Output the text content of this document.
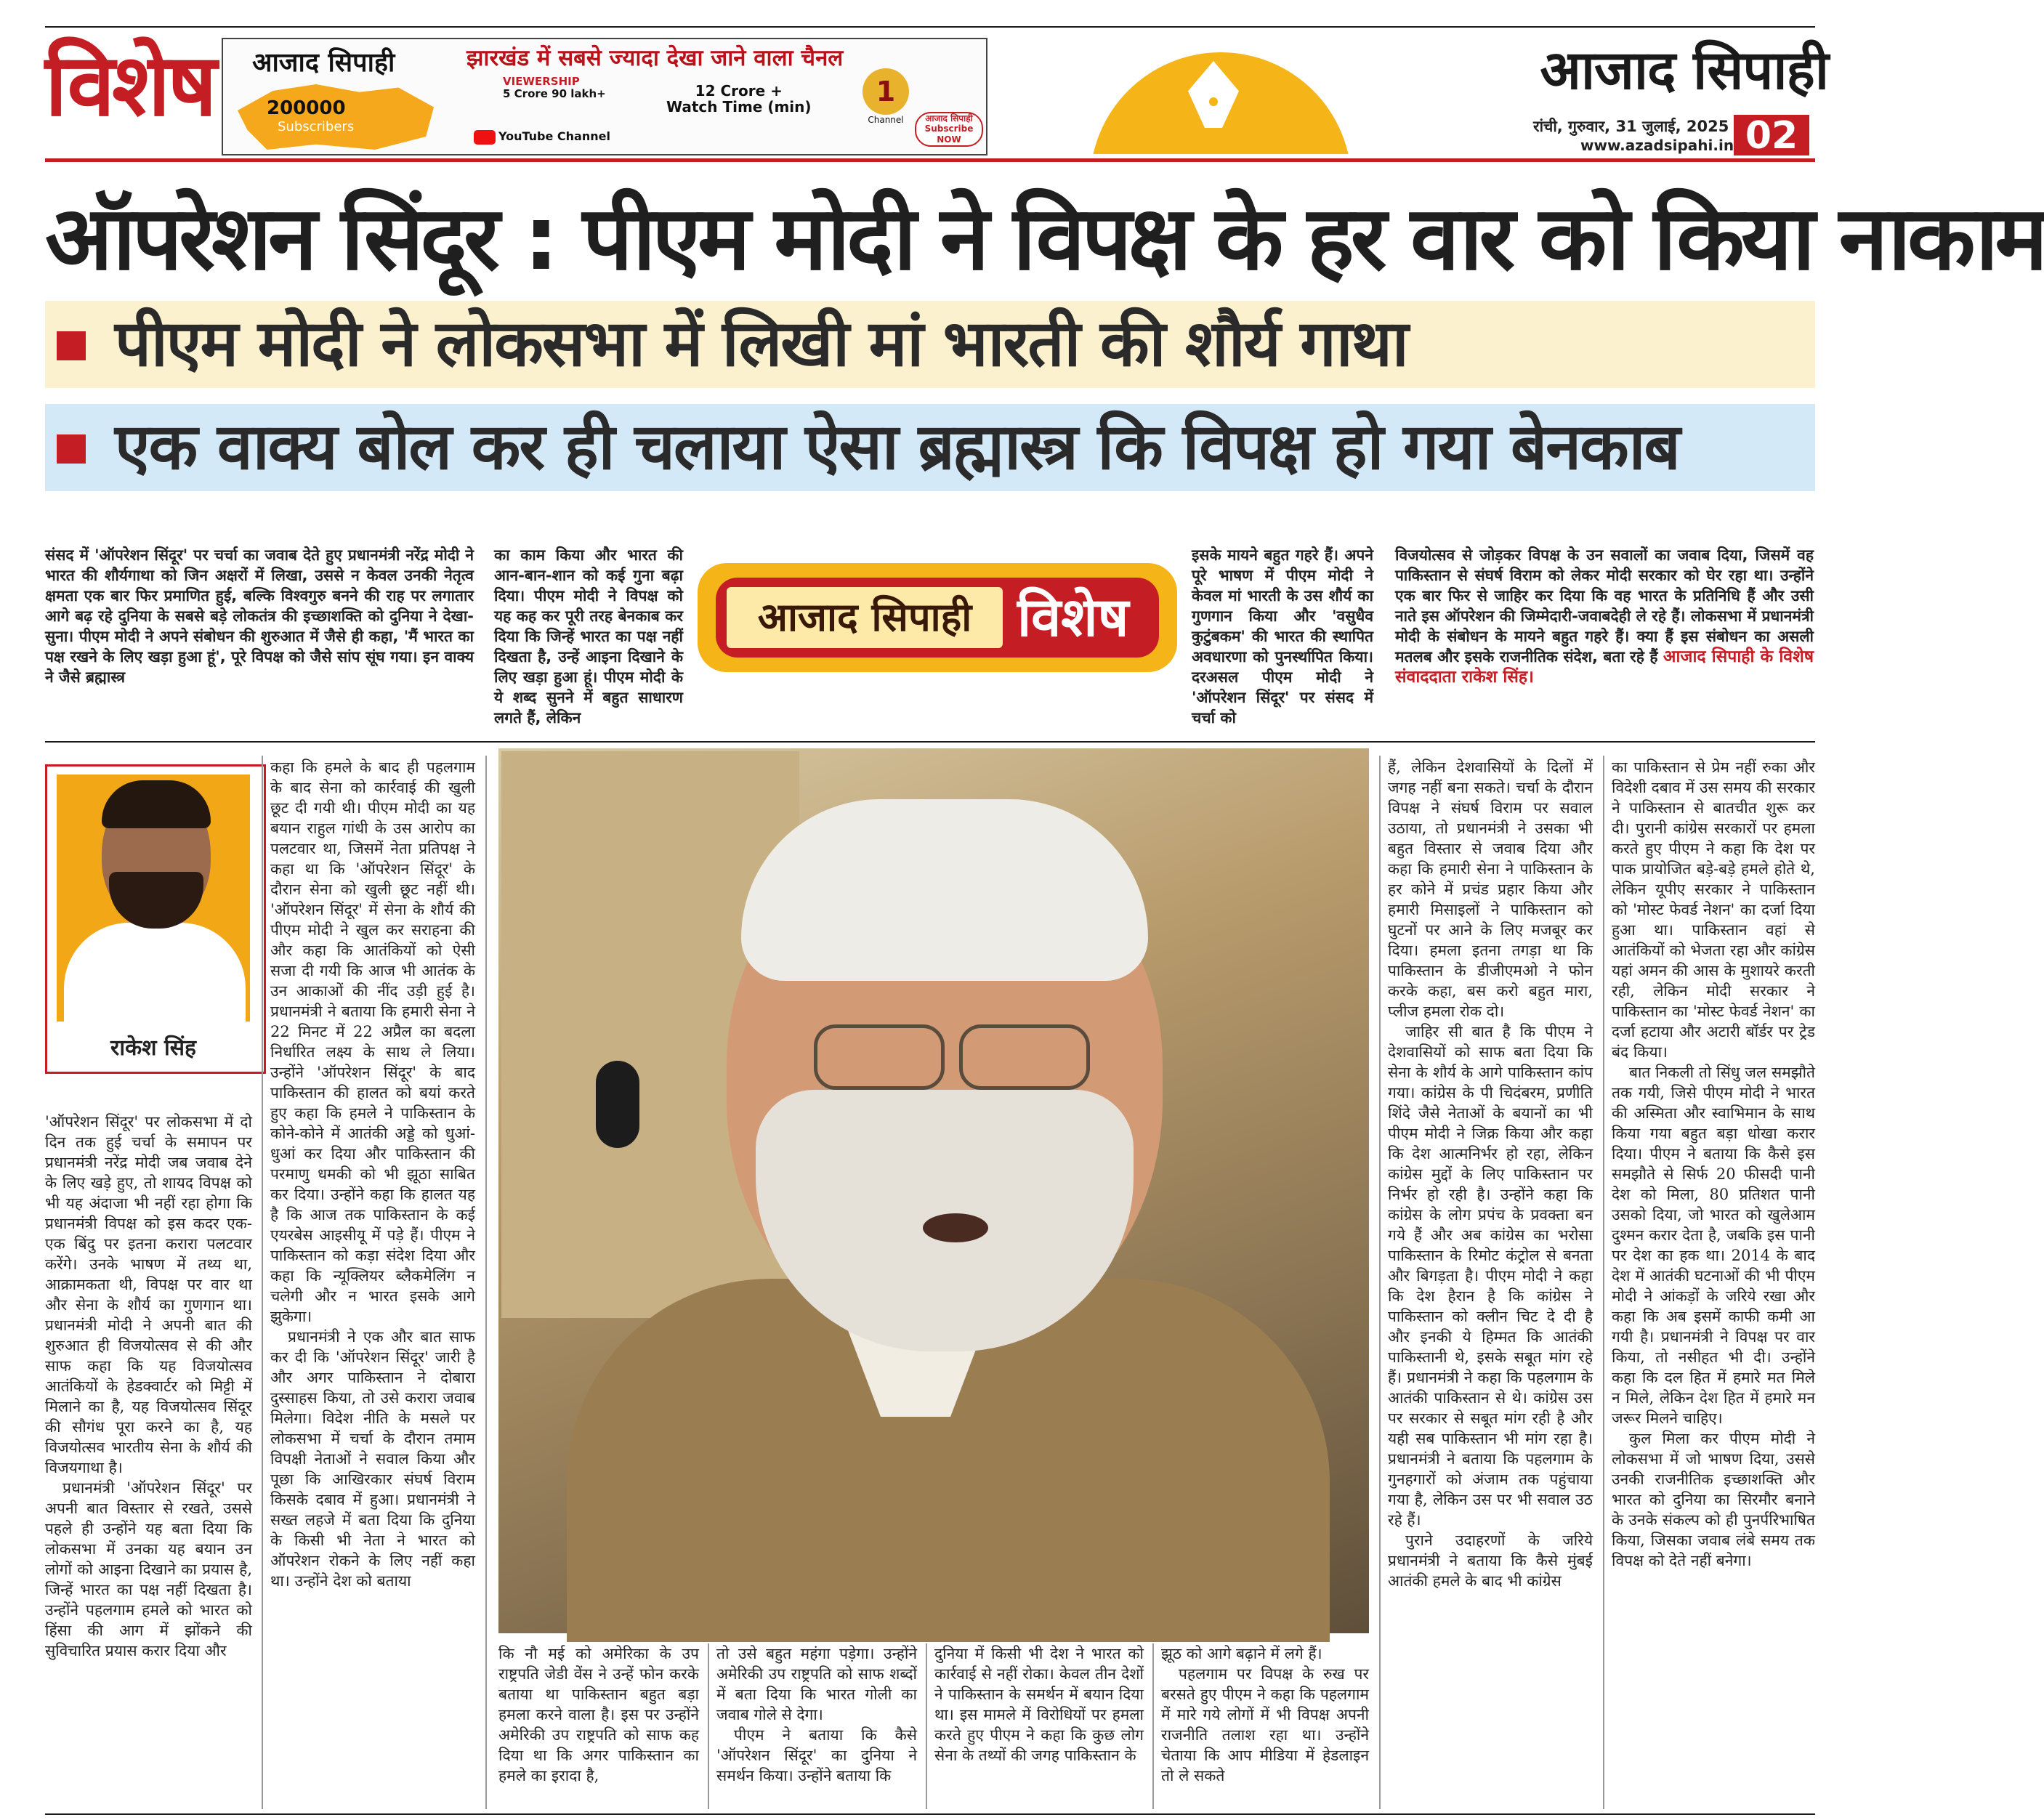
विशेष आजाद सिपाही	झारखंड में सबसे ज्यादा देखा जाने वाला चैनल
200000
Subscribers
VIEWERSHIP
5 Crore 90 lakh+	12 Crore +
Watch Time (min)
YouTube Channel
1
Channel	आजाद सिपाही Subscribe NOW
आजाद सिपाही
रांची, गुरुवार, 31 जुलाई, 2025
www.azadsipahi.in 02
ऑपरेशन सिंदूर : पीएम मोदी ने विपक्ष के हर वार को किया नाकाम
पीएम मोदी ने लोकसभा में लिखी मां भारती की शौर्य गाथा
एक वाक्य बोल कर ही चलाया ऐसा ब्रह्मास्त्र कि विपक्ष हो गया बेनकाब
संसद में 'ऑपरेशन सिंदूर' पर चर्चा का जवाब देते हुए प्रधानमंत्री नरेंद्र मोदी ने भारत की शौर्यगाथा को जिन अक्षरों में लिखा, उससे न केवल उनकी नेतृत्व क्षमता एक बार फिर प्रमाणित हुई, बल्कि विश्वगुरु बनने की राह पर लगातार आगे बढ़ रहे दुनिया के सबसे बड़े लोकतंत्र की इच्छाशक्ति को दुनिया ने देखा-सुना। पीएम मोदी ने अपने संबोधन की शुरुआत में जैसे ही कहा, 'मैं भारत का पक्ष रखने के लिए खड़ा हुआ हूं', पूरे विपक्ष को जैसे सांप सूंघ गया। इन वाक्य ने जैसे ब्रह्मास्त्र
का काम किया और भारत की आन-बान-शान को कई गुना बढ़ा दिया। पीएम मोदी ने विपक्ष को यह कह कर पूरी तरह बेनकाब कर दिया कि जिन्हें भारत का पक्ष नहीं दिखता है, उन्हें आइना दिखाने के लिए खड़ा हुआ हूं। पीएम मोदी के ये शब्द सुनने में बहुत साधारण लगते हैं, लेकिन
इसके मायने बहुत गहरे हैं। अपने पूरे भाषण में पीएम मोदी ने केवल मां भारती के उस शौर्य का गुणगान किया और 'वसुधैव कुटुंबकम' की भारत की स्थापित अवधारणा को पुनर्स्थापित किया। दरअसल पीएम मोदी ने 'ऑपरेशन सिंदूर' पर संसद में चर्चा को
विजयोत्सव से जोड़कर विपक्ष के उन सवालों का जवाब दिया, जिसमें वह पाकिस्तान से संघर्ष विराम को लेकर मोदी सरकार को घेर रहा था। उन्होंने एक बार फिर से जाहिर कर दिया कि वह भारत के प्रतिनिधि हैं और उसी नाते इस ऑपरेशन की जिम्मेदारी-जवाबदेही ले रहे हैं। लोकसभा में प्रधानमंत्री मोदी के संबोधन के मायने बहुत गहरे हैं। क्या हैं इस संबोधन का असली मतलब और इसके राजनीतिक संदेश, बता रहे हैं आजाद सिपाही के विशेष संवाददाता राकेश सिंह।
आजाद सिपाही विशेष
राकेश सिंह

'ऑपरेशन सिंदूर' पर लोकसभा में दो दिन तक हुई चर्चा के समापन पर प्रधानमंत्री नरेंद्र मोदी जब जवाब देने के लिए खड़े हुए, तो शायद विपक्ष को भी यह अंदाजा भी नहीं रहा होगा कि प्रधानमंत्री विपक्ष को इस कदर एक-एक बिंदु पर इतना करारा पलटवार करेंगे। उनके भाषण में तथ्य था, आक्रामकता थी, विपक्ष पर वार था और सेना के शौर्य का गुणगान था। प्रधानमंत्री मोदी ने अपनी बात की शुरुआत ही विजयोत्सव से की और साफ कहा कि यह विजयोत्सव आतंकियों के हेडक्वार्टर को मिट्टी में मिलाने का है, यह विजयोत्सव सिंदूर की सौगंध पूरा करने का है, यह विजयोत्सव भारतीय सेना के शौर्य की विजयगाथा है।

प्रधानमंत्री 'ऑपरेशन सिंदूर' पर अपनी बात विस्तार से रखते, उससे पहले ही उन्होंने यह बता दिया कि लोकसभा में उनका यह बयान उन लोगों को आइना दिखाने का प्रयास है, जिन्हें भारत का पक्ष नहीं दिखता है। उन्होंने पहलगाम हमले को भारत को हिंसा की आग में झोंकने की सुविचारित प्रयास करार दिया और

कहा कि हमले के बाद ही पहलगाम के बाद सेना को कार्रवाई की खुली छूट दी गयी थी। पीएम मोदी का यह बयान राहुल गांधी के उस आरोप का पलटवार था, जिसमें नेता प्रतिपक्ष ने कहा था कि 'ऑपरेशन सिंदूर' के दौरान सेना को खुली छूट नहीं थी। 'ऑपरेशन सिंदूर' में सेना के शौर्य की पीएम मोदी ने खुल कर सराहना की और कहा कि आतंकियों को ऐसी सजा दी गयी कि आज भी आतंक के उन आकाओं की नींद उड़ी हुई है। प्रधानमंत्री ने बताया कि हमारी सेना ने 22 मिनट में 22 अप्रैल का बदला निर्धारित लक्ष्य के साथ ले लिया। उन्होंने 'ऑपरेशन सिंदूर' के बाद पाकिस्तान की हालत को बयां करते हुए कहा कि हमले ने पाकिस्तान के कोने-कोने में आतंकी अड्डे को धुआं-धुआं कर दिया और पाकिस्तान की परमाणु धमकी को भी झूठा साबित कर दिया। उन्होंने कहा कि हालत यह है कि आज तक पाकिस्तान के कई एयरबेस आइसीयू में पड़े हैं। पीएम ने पाकिस्तान को कड़ा संदेश दिया और कहा कि न्यूक्लियर ब्लैकमेलिंग न चलेगी और न भारत इसके आगे झुकेगा।

प्रधानमंत्री ने एक और बात साफ कर दी कि 'ऑपरेशन सिंदूर' जारी है और अगर पाकिस्तान ने दोबारा दुस्साहस किया, तो उसे करारा जवाब मिलेगा। विदेश नीति के मसले पर लोकसभा में चर्चा के दौरान तमाम विपक्षी नेताओं ने सवाल किया और पूछा कि आखिरकार संघर्ष विराम किसके दबाव में हुआ। प्रधानमंत्री ने सख्त लहजे में बता दिया कि दुनिया के किसी भी नेता ने भारत को ऑपरेशन रोकने के लिए नहीं कहा था। उन्होंने देश को बताया

कि नौ मई को अमेरिका के उप राष्ट्रपति जेडी वेंस ने उन्हें फोन करके बताया था पाकिस्तान बहुत बड़ा हमला करने वाला है। इस पर उन्होंने अमेरिकी उप राष्ट्रपति को साफ कह दिया था कि अगर पाकिस्तान का हमले का इरादा है,

तो उसे बहुत महंगा पड़ेगा। उन्होंने अमेरिकी उप राष्ट्रपति को साफ शब्दों में बता दिया कि भारत गोली का जवाब गोले से देगा।

पीएम ने बताया कि कैसे 'ऑपरेशन सिंदूर' का दुनिया ने समर्थन किया। उन्होंने बताया कि

दुनिया में किसी भी देश ने भारत को कार्रवाई से नहीं रोका। केवल तीन देशों ने पाकिस्तान के समर्थन में बयान दिया था। इस मामले में विरोधियों पर हमला करते हुए पीएम ने कहा कि कुछ लोग सेना के तथ्यों की जगह पाकिस्तान के

झूठ को आगे बढ़ाने में लगे हैं।

पहलगाम पर विपक्ष के रुख पर बरसते हुए पीएम ने कहा कि पहलगाम में मारे गये लोगों में भी विपक्ष अपनी राजनीति तलाश रहा था। उन्होंने चेताया कि आप मीडिया में हेडलाइन तो ले सकते

हैं, लेकिन देशवासियों के दिलों में जगह नहीं बना सकते। चर्चा के दौरान विपक्ष ने संघर्ष विराम पर सवाल उठाया, तो प्रधानमंत्री ने उसका भी बहुत विस्तार से जवाब दिया और कहा कि हमारी सेना ने पाकिस्तान के हर कोने में प्रचंड प्रहार किया और हमारी मिसाइलों ने पाकिस्तान को घुटनों पर आने के लिए मजबूर कर दिया। हमला इतना तगड़ा था कि पाकिस्तान के डीजीएमओ ने फोन करके कहा, बस करो बहुत मारा, प्लीज हमला रोक दो।

जाहिर सी बात है कि पीएम ने देशवासियों को साफ बता दिया कि सेना के शौर्य के आगे पाकिस्तान कांप गया। कांग्रेस के पी चिदंबरम, प्रणीति शिंदे जैसे नेताओं के बयानों का भी पीएम मोदी ने जिक्र किया और कहा कि देश आत्मनिर्भर हो रहा, लेकिन कांग्रेस मुद्दों के लिए पाकिस्तान पर निर्भर हो रही है। उन्होंने कहा कि कांग्रेस के लोग प्रपंच के प्रवक्ता बन गये हैं और अब कांग्रेस का भरोसा पाकिस्तान के रिमोट कंट्रोल से बनता और बिगड़ता है। पीएम मोदी ने कहा कि देश हैरान है कि कांग्रेस ने पाकिस्तान को क्लीन चिट दे दी है और इनकी ये हिम्मत कि आतंकी पाकिस्तानी थे, इसके सबूत मांग रहे हैं। प्रधानमंत्री ने कहा कि पहलगाम के आतंकी पाकिस्तान से थे। कांग्रेस उस पर सरकार से सबूत मांग रही है और यही सब पाकिस्तान भी मांग रहा है। प्रधानमंत्री ने बताया कि पहलगाम के गुनहगारों को अंजाम तक पहुंचाया गया है, लेकिन उस पर भी सवाल उठ रहे हैं।

पुराने उदाहरणों के जरिये प्रधानमंत्री ने बताया कि कैसे मुंबई आतंकी हमले के बाद भी कांग्रेस

का पाकिस्तान से प्रेम नहीं रुका और विदेशी दबाव में उस समय की सरकार ने पाकिस्तान से बातचीत शुरू कर दी। पुरानी कांग्रेस सरकारों पर हमला करते हुए पीएम ने कहा कि देश पर पाक प्रायोजित बड़े-बड़े हमले होते थे, लेकिन यूपीए सरकार ने पाकिस्तान को 'मोस्ट फेवर्ड नेशन' का दर्जा दिया हुआ था। पाकिस्तान वहां से आतंकियों को भेजता रहा और कांग्रेस यहां अमन की आस के मुशायरे करती रही, लेकिन मोदी सरकार ने पाकिस्तान का 'मोस्ट फेवर्ड नेशन' का दर्जा हटाया और अटारी बॉर्डर पर ट्रेड बंद किया।

बात निकली तो सिंधु जल समझौते तक गयी, जिसे पीएम मोदी ने भारत की अस्मिता और स्वाभिमान के साथ किया गया बहुत बड़ा धोखा करार दिया। पीएम ने बताया कि कैसे इस समझौते से सिर्फ 20 फीसदी पानी देश को मिला, 80 प्रतिशत पानी उसको दिया, जो भारत को खुलेआम दुश्मन करार देता है, जबकि इस पानी पर देश का हक था। 2014 के बाद देश में आतंकी घटनाओं की भी पीएम मोदी ने आंकड़ों के जरिये रखा और कहा कि अब इसमें काफी कमी आ गयी है। प्रधानमंत्री ने विपक्ष पर वार किया, तो नसीहत भी दी। उन्होंने कहा कि दल हित में हमारे मत मिले न मिले, लेकिन देश हित में हमारे मन जरूर मिलने चाहिए।

कुल मिला कर पीएम मोदी ने लोकसभा में जो भाषण दिया, उससे उनकी राजनीतिक इच्छाशक्ति और भारत को दुनिया का सिरमौर बनाने के उनके संकल्प को ही पुनर्परिभाषित किया, जिसका जवाब लंबे समय तक विपक्ष को देते नहीं बनेगा।
